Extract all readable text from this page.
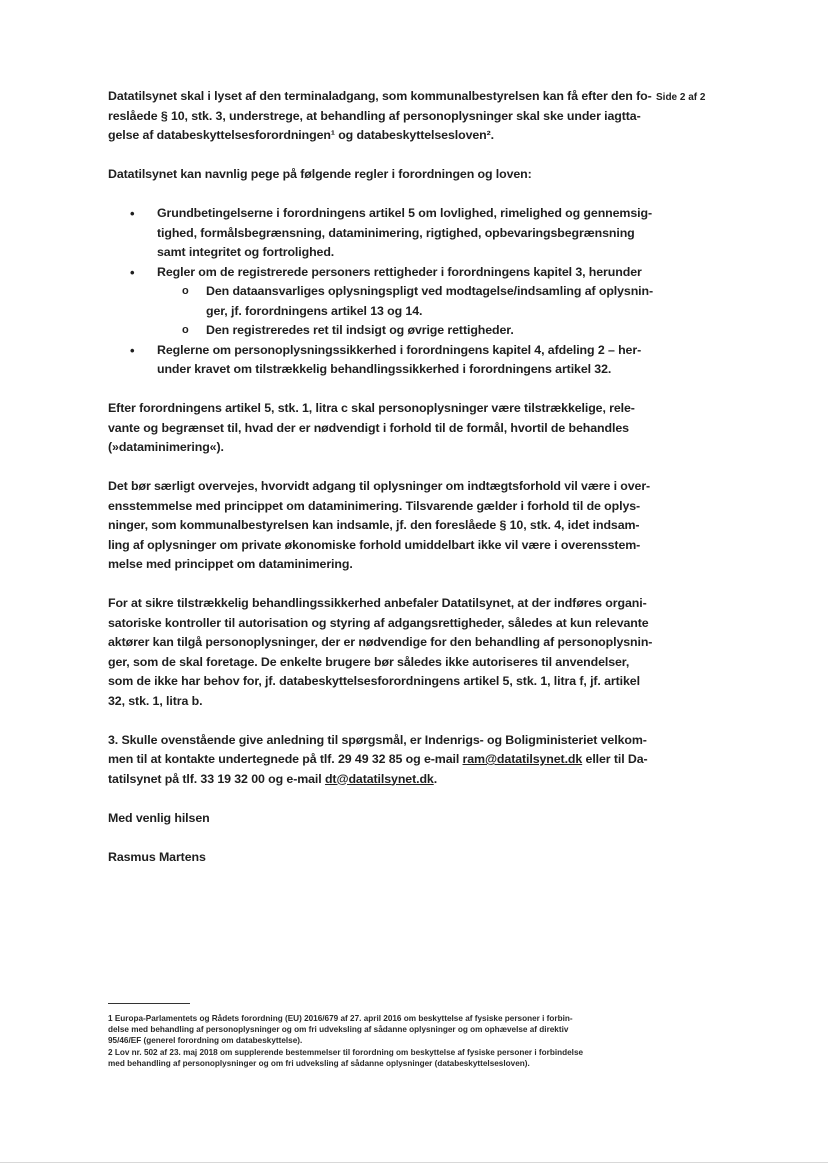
Side 2 af 2

Datatilsynet skal i lyset af den terminaladgang, som kommunalbestyrelsen kan få efter den fo-
reslåede § 10, stk. 3, understrege, at behandling af personoplysninger skal ske under iagtta-
gelse af databeskyttelsesforordningen¹ og databeskyttelsesloven².

Datatilsynet kan navnlig pege på følgende regler i forordningen og loven:

• Grundbetingelserne i forordningens artikel 5 om lovlighed, rimelighed og gennemsig-
tighed, formålsbegrænsning, dataminimering, rigtighed, opbevaringsbegrænsning
samt integritet og fortrolighed.
• Regler om de registrerede personers rettigheder i forordningens kapitel 3, herunder
o Den dataansvarliges oplysningspligt ved modtagelse/indsamling af oplysnin-
ger, jf. forordningens artikel 13 og 14.
o Den registreredes ret til indsigt og øvrige rettigheder.
• Reglerne om personoplysningssikkerhed i forordningens kapitel 4, afdeling 2 – her-
under kravet om tilstrækkelig behandlingssikkerhed i forordningens artikel 32.

Efter forordningens artikel 5, stk. 1, litra c skal personoplysninger være tilstrækkelige, rele-
vante og begrænset til, hvad der er nødvendigt i forhold til de formål, hvortil de behandles
(»dataminimering«).

Det bør særligt overvejes, hvorvidt adgang til oplysninger om indtægtsforhold vil være i over-
ensstemmelse med princippet om dataminimering. Tilsvarende gælder i forhold til de oplys-
ninger, som kommunalbestyrelsen kan indsamle, jf. den foreslåede § 10, stk. 4, idet indsam-
ling af oplysninger om private økonomiske forhold umiddelbart ikke vil være i overensstem-
melse med princippet om dataminimering.

For at sikre tilstrækkelig behandlingssikkerhed anbefaler Datatilsynet, at der indføres organi-
satoriske kontroller til autorisation og styring af adgangsrettigheder, således at kun relevante
aktører kan tilgå personoplysninger, der er nødvendige for den behandling af personoplysnin-
ger, som de skal foretage. De enkelte brugere bør således ikke autoriseres til anvendelser,
som de ikke har behov for, jf. databeskyttelsesforordningens artikel 5, stk. 1, litra f, jf. artikel
32, stk. 1, litra b.

3. Skulle ovenstående give anledning til spørgsmål, er Indenrigs- og Boligministeriet velkom-
men til at kontakte undertegnede på tlf. 29 49 32 85 og e-mail ram@datatilsynet.dk eller til Da-
tatilsynet på tlf. 33 19 32 00 og e-mail dt@datatilsynet.dk.

Med venlig hilsen

Rasmus Martens

1 Europa-Parlamentets og Rådets forordning (EU) 2016/679 af 27. april 2016 om beskyttelse af fysiske personer i forbin-
delse med behandling af personoplysninger og om fri udveksling af sådanne oplysninger og om ophævelse af direktiv
95/46/EF (generel forordning om databeskyttelse).

2 Lov nr. 502 af 23. maj 2018 om supplerende bestemmelser til forordning om beskyttelse af fysiske personer i forbindelse
med behandling af personoplysninger og om fri udveksling af sådanne oplysninger (databeskyttelsesloven).
